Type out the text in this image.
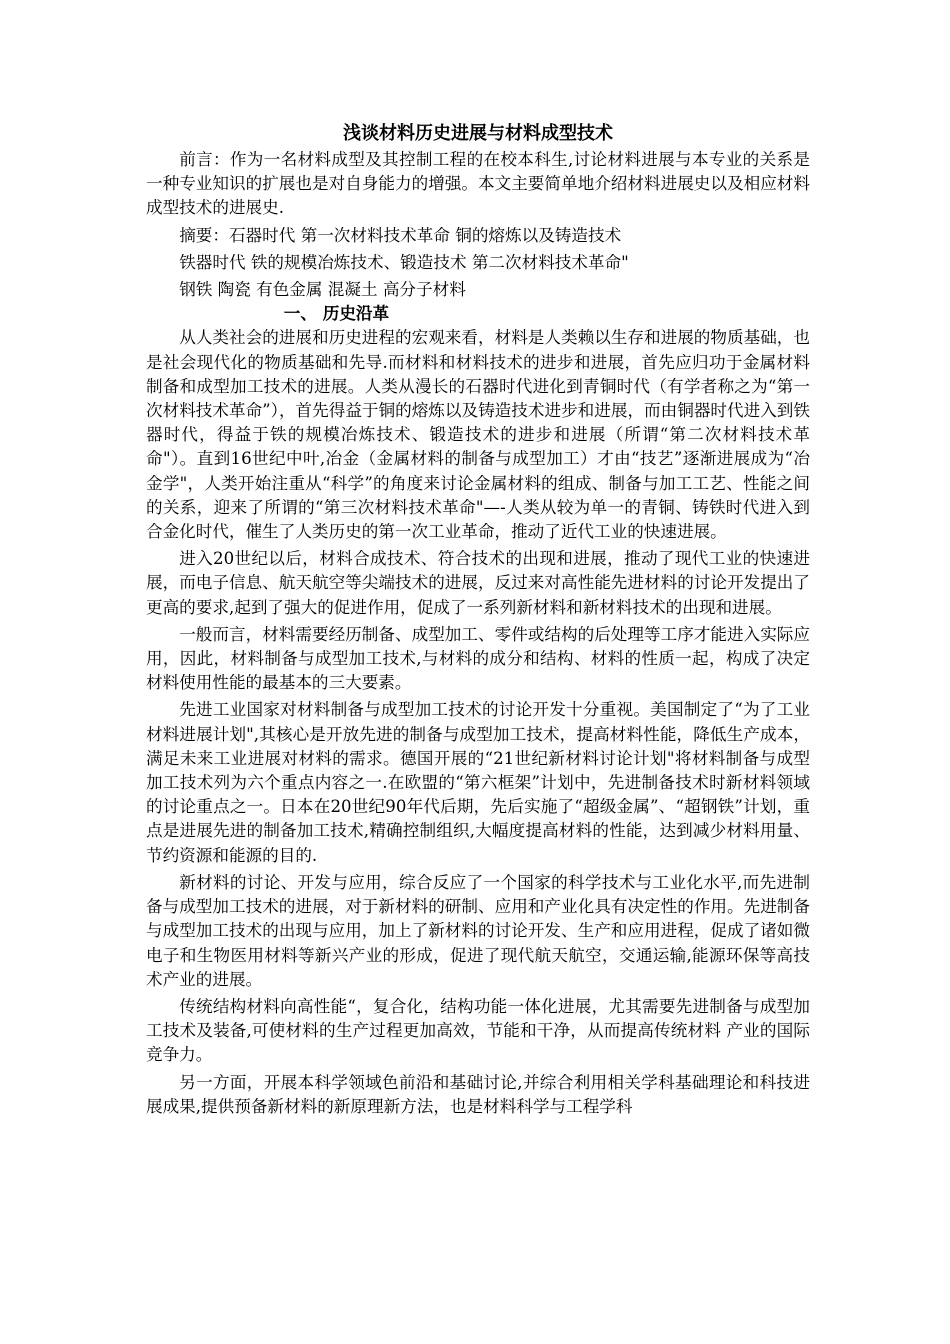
浅谈材料历史进展与材料成型技术

前言：作为一名材料成型及其控制工程的在校本科生,讨论材料进展与本专业的关系是一种专业知识的扩展也是对自身能力的增强。本文主要简单地介绍材料进展史以及相应材料成型技术的进展史.

摘要：石器时代 第一次材料技术革命 铜的熔炼以及铸造技术
铁器时代 铁的规模冶炼技术、锻造技术 第二次材料技术革命"
钢铁 陶瓷 有色金属 混凝土 高分子材料
一、 历史沿革

从人类社会的进展和历史进程的宏观来看，材料是人类赖以生存和进展的物质基础，也是社会现代化的物质基础和先导.而材料和材料技术的进步和进展，首先应归功于金属材料制备和成型加工技术的进展。人类从漫长的石器时代进化到青铜时代（有学者称之为“第一次材料技术革命”），首先得益于铜的熔炼以及铸造技术进步和进展，而由铜器时代进入到铁器时代，得益于铁的规模冶炼技术、锻造技术的进步和进展（所谓“第二次材料技术革命"）。直到16世纪中叶,冶金（金属材料的制备与成型加工）才由“技艺”逐渐进展成为“冶金学"，人类开始注重从“科学”的角度来讨论金属材料的组成、制备与加工工艺、性能之间的关系，迎来了所谓的“第三次材料技术革命"—-人类从较为单一的青铜、铸铁时代进入到合金化时代，催生了人类历史的第一次工业革命，推动了近代工业的快速进展。

进入20世纪以后，材料合成技术、符合技术的出现和进展，推动了现代工业的快速进展，而电子信息、航天航空等尖端技术的进展，反过来对高性能先进材料的讨论开发提出了更高的要求,起到了强大的促进作用，促成了一系列新材料和新材料技术的出现和进展。

一般而言，材料需要经历制备、成型加工、零件或结构的后处理等工序才能进入实际应用，因此，材料制备与成型加工技术,与材料的成分和结构、材料的性质一起，构成了决定材料使用性能的最基本的三大要素。

先进工业国家对材料制备与成型加工技术的讨论开发十分重视。美国制定了“为了工业材料进展计划",其核心是开放先进的制备与成型加工技术，提高材料性能，降低生产成本，满足未来工业进展对材料的需求。德国开展的“21世纪新材料讨论计划"将材料制备与成型加工技术列为六个重点内容之一.在欧盟的“第六框架”计划中，先进制备技术时新材料领域的讨论重点之一。日本在20世纪90年代后期，先后实施了“超级金属”、“超钢铁”计划，重点是进展先进的制备加工技术,精确控制组织,大幅度提高材料的性能，达到减少材料用量、节约资源和能源的目的.

新材料的讨论、开发与应用，综合反应了一个国家的科学技术与工业化水平,而先进制备与成型加工技术的进展，对于新材料的研制、应用和产业化具有决定性的作用。先进制备与成型加工技术的出现与应用，加上了新材料的讨论开发、生产和应用进程，促成了诸如微电子和生物医用材料等新兴产业的形成，促进了现代航天航空，交通运输,能源环保等高技术产业的进展。

传统结构材料向高性能“，复合化，结构功能一体化进展，尤其需要先进制备与成型加工技术及装备,可使材料的生产过程更加高效，节能和干净，从而提高传统材料 产业的国际竞争力。

另一方面，开展本科学领域色前沿和基础讨论,并综合利用相关学科基础理论和科技进展成果,提供预备新材料的新原理新方法，也是材料科学与工程学科
